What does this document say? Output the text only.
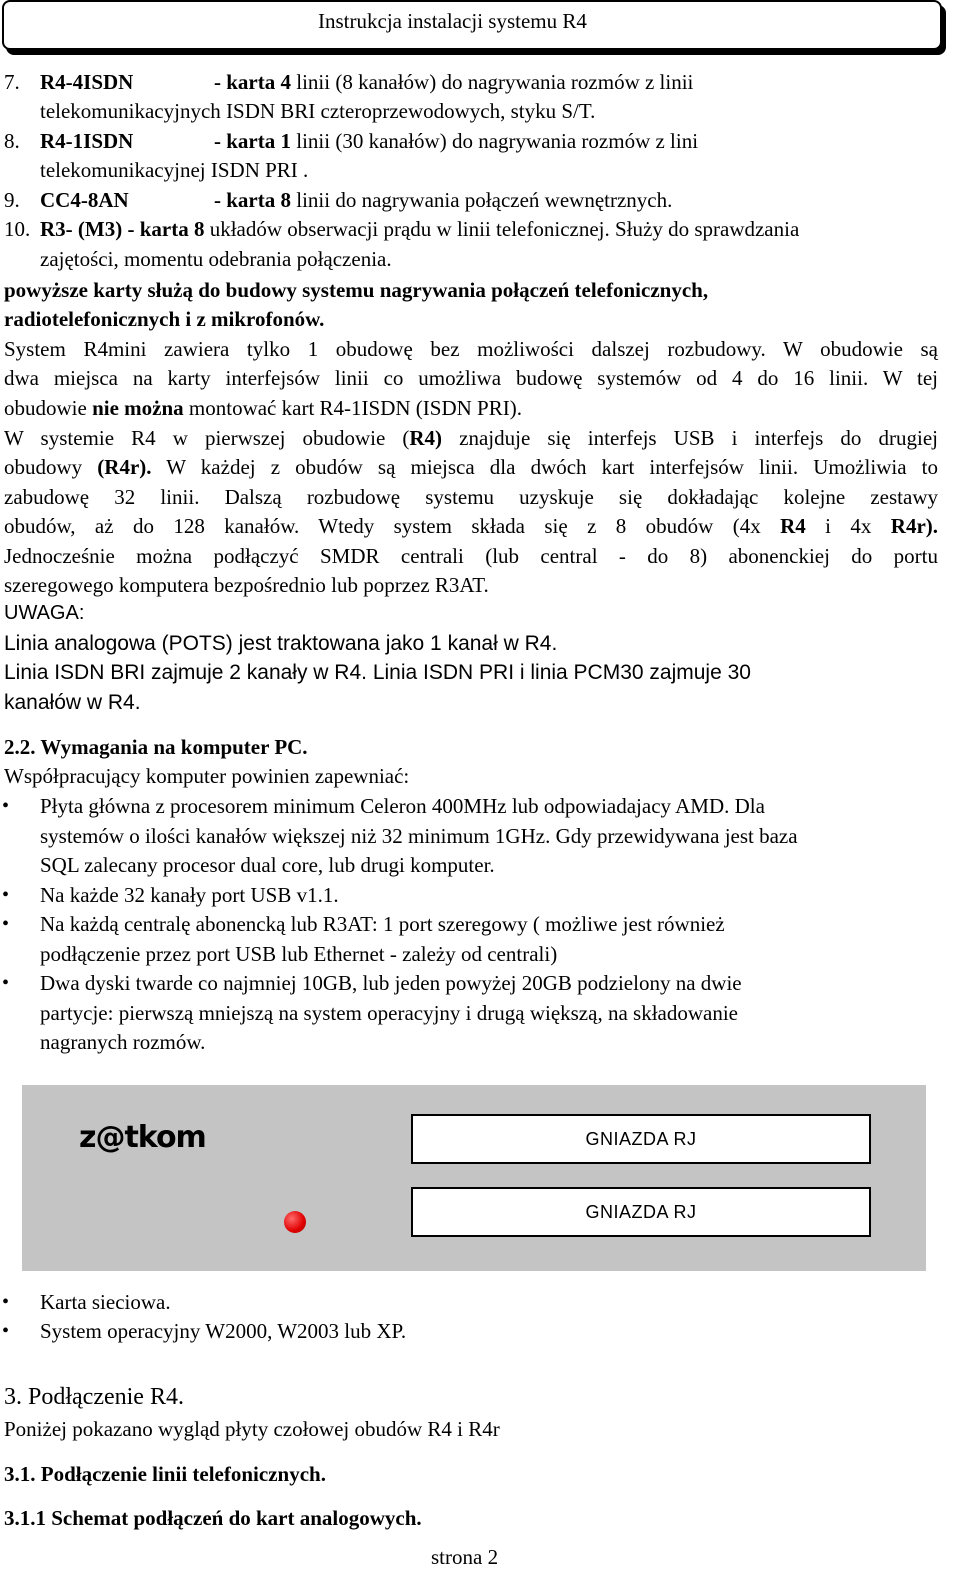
Instrukcja instalacji systemu R4
7. R4-4ISDN	- karta 4 linii (8 kanałów) do nagrywania rozmów z linii
telekomunikacyjnych ISDN BRI czteroprzewodowych, styku S/T.
8. R4-1ISDN	- karta 1 linii (30 kanałów) do nagrywania rozmów z lini
telekomunikacyjnej ISDN PRI .
9. CC4-8AN	- karta 8 linii do nagrywania połączeń wewnętrznych.
10. R3- (M3) - karta 8 układów obserwacji prądu w linii telefonicznej. Służy do sprawdzania
zajętości, momentu odebrania połączenia.
powyższe karty służą do budowy systemu nagrywania połączeń telefonicznych,
radiotelefonicznych i z mikrofonów.
System R4mini zawiera tylko 1 obudowę bez możliwości dalszej rozbudowy. W obudowie są
dwa miejsca na karty interfejsów linii co umożliwa budowę systemów od 4 do 16 linii. W tej
obudowie nie można montować kart R4-1ISDN (ISDN PRI).
W systemie R4 w pierwszej obudowie (R4) znajduje się interfejs USB i interfejs do drugiej
obudowy (R4r). W każdej z obudów są miejsca dla dwóch kart interfejsów linii. Umożliwia to
zabudowę 32 linii. Dalszą rozbudowę systemu uzyskuje się dokładając kolejne zestawy
obudów, aż do 128 kanałów. Wtedy system składa się z 8 obudów (4x R4 i 4x R4r).
Jednocześnie można podłączyć SMDR centrali (lub central - do 8) abonenckiej do portu
szeregowego komputera bezpośrednio lub poprzez R3AT.
UWAGA:
Linia analogowa (POTS) jest traktowana jako 1 kanał w R4.
Linia ISDN BRI zajmuje 2 kanały w R4. Linia ISDN PRI i linia PCM30 zajmuje 30
kanałów w R4.
2.2. Wymagania na komputer PC.
Współpracujący komputer powinien zapewniać:
• Płyta główna z procesorem minimum Celeron 400MHz lub odpowiadajacy AMD. Dla
systemów o ilości kanałów większej niż 32 minimum 1GHz. Gdy przewidywana jest baza
SQL zalecany procesor dual core, lub drugi komputer.
• Na każde 32 kanały port USB v1.1.
• Na każdą centralę abonencką lub R3AT: 1 port szeregowy ( możliwe jest również
podłączenie przez port USB lub Ethernet - zależy od centrali)
• Dwa dyski twarde co najmniej 10GB, lub jeden powyżej 20GB podzielony na dwie
partycje: pierwszą mniejszą na system operacyjny i drugą większą, na składowanie
nagranych rozmów.
z@tkom	GNIAZDA RJ
GNIAZDA RJ
• Karta sieciowa.
• System operacyjny W2000, W2003 lub XP.
3. Podłączenie R4.
Poniżej pokazano wygląd płyty czołowej obudów R4 i R4r
3.1. Podłączenie linii telefonicznych.
3.1.1 Schemat podłączeń do kart analogowych.
strona 2
